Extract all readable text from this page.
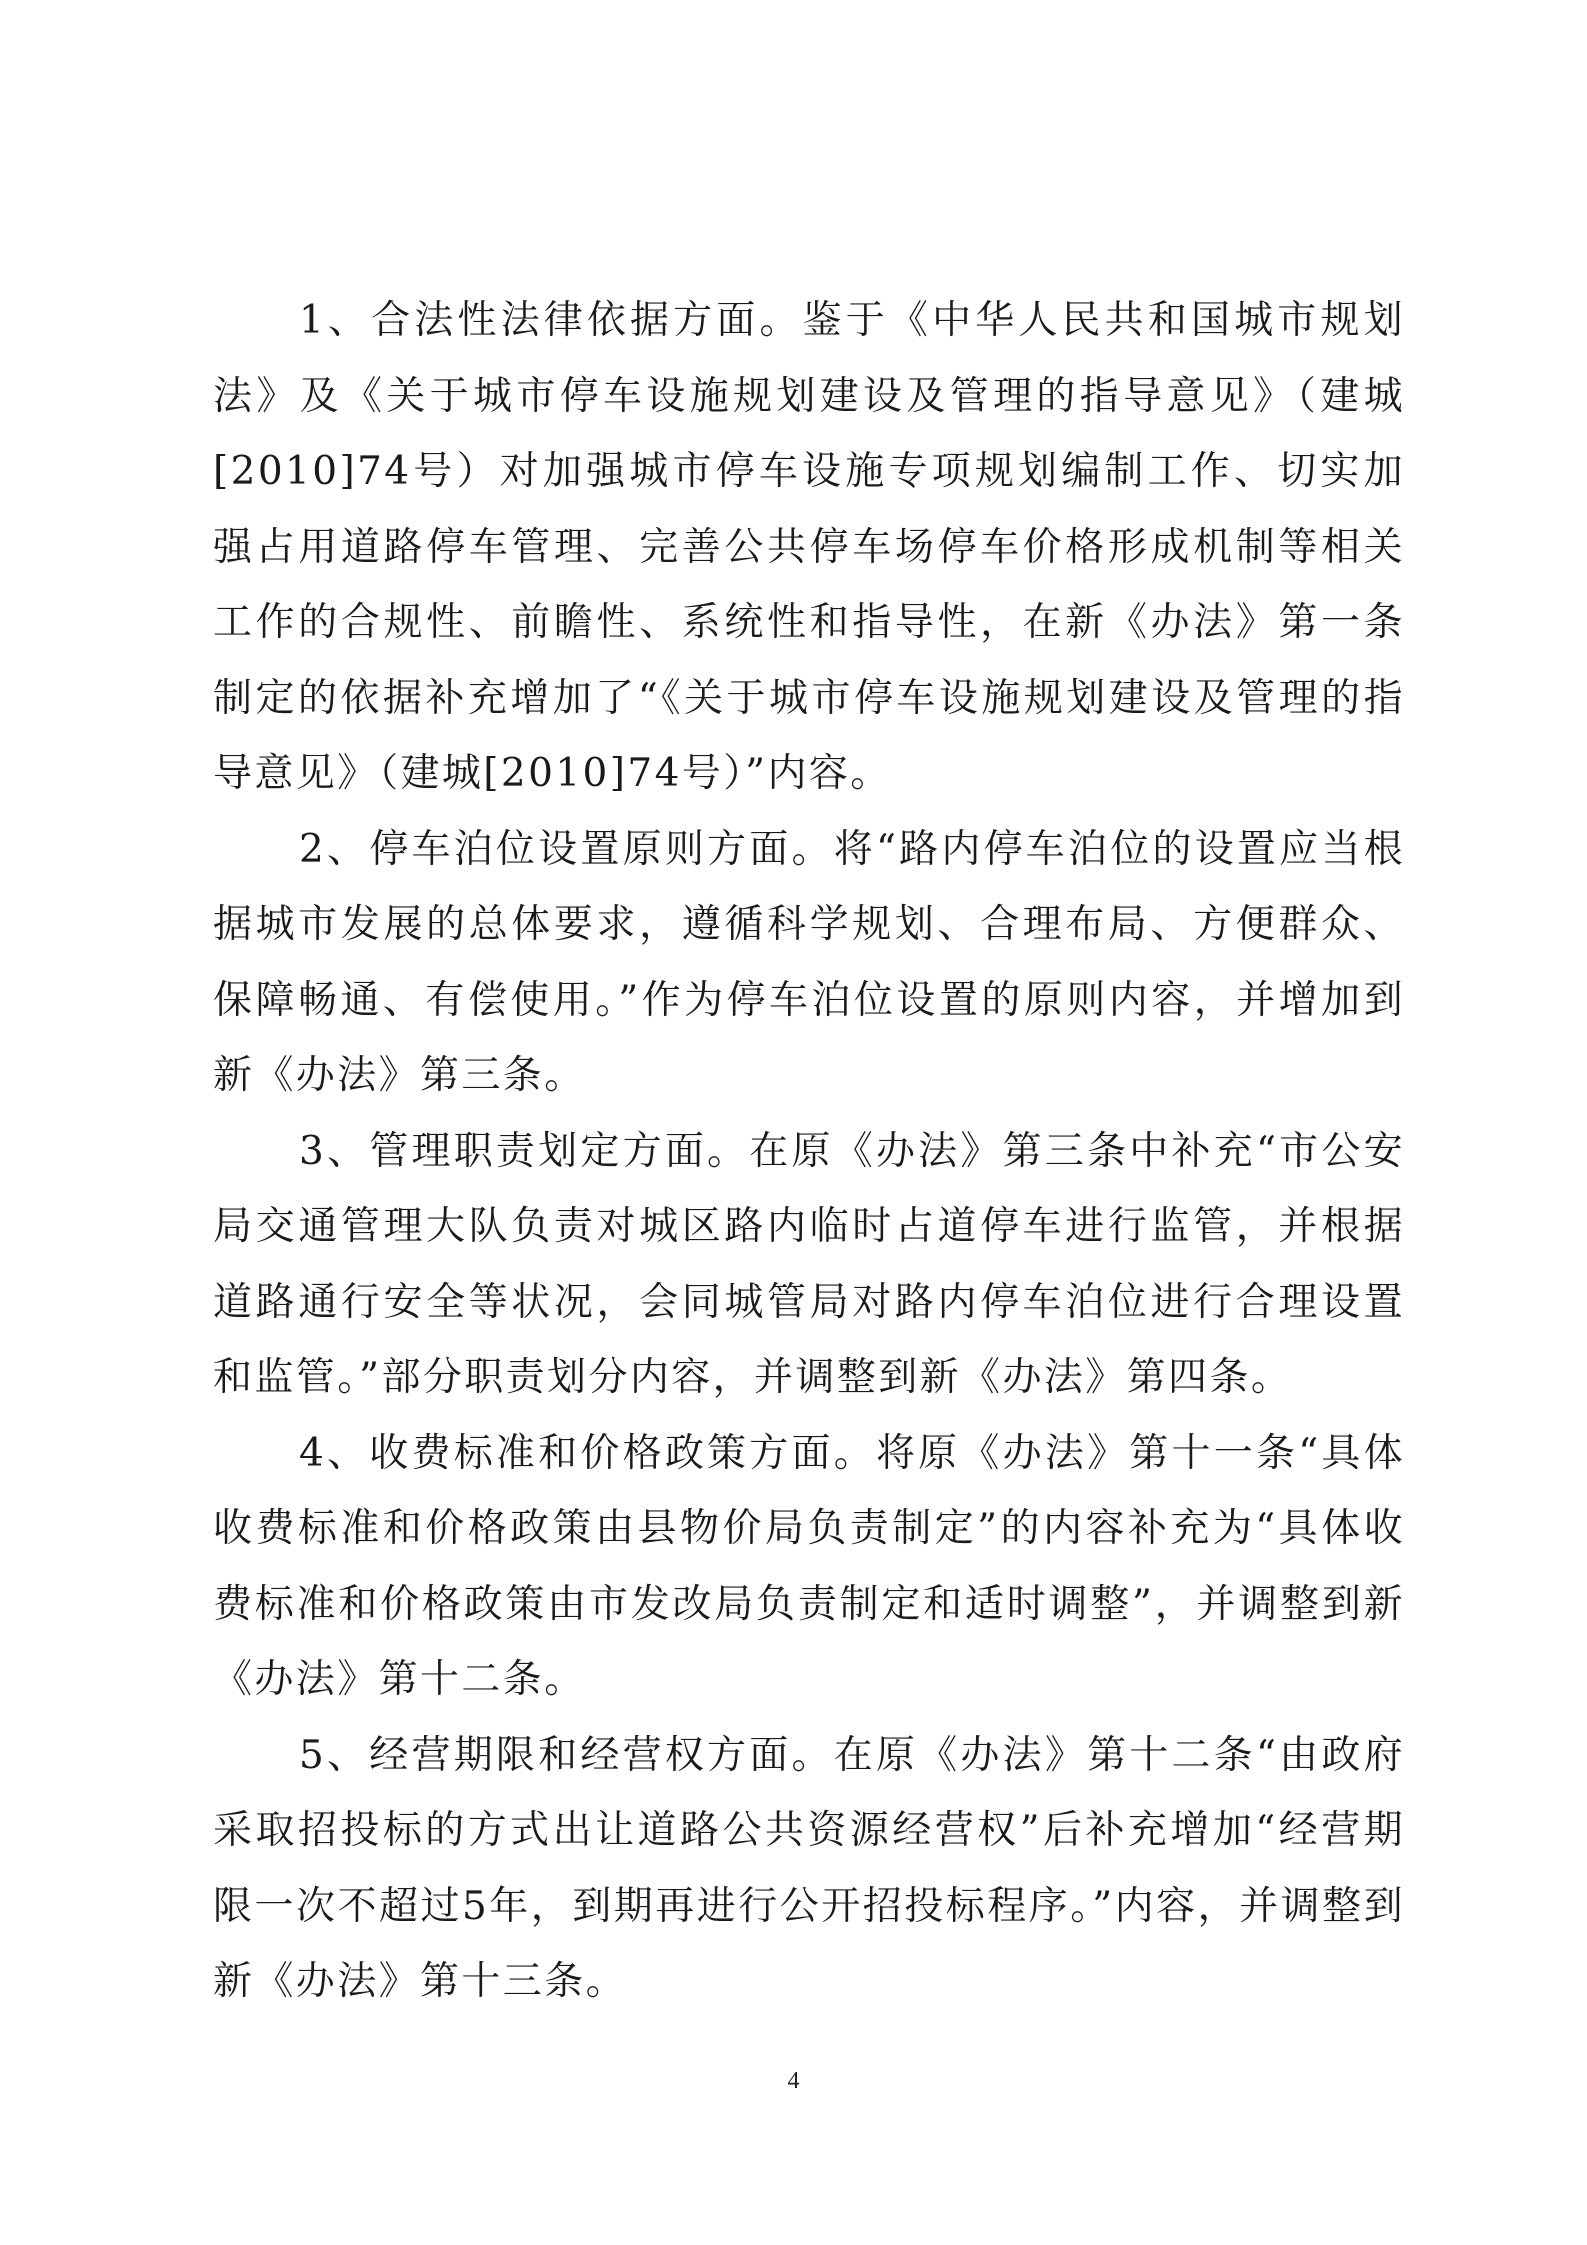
1、合法性法律依据方面。鉴于《中华人民共和国城市规划法》及《关于城市停车设施规划建设及管理的指导意见》（建城[2010]74号）对加强城市停车设施专项规划编制工作、切实加强占用道路停车管理、完善公共停车场停车价格形成机制等相关工作的合规性、前瞻性、系统性和指导性，在新《办法》第一条制定的依据补充增加了“《关于城市停车设施规划建设及管理的指导意见》（建城[2010]74号）”内容。

2、停车泊位设置原则方面。将“路内停车泊位的设置应当根据城市发展的总体要求，遵循科学规划、合理布局、方便群众、保障畅通、有偿使用。”作为停车泊位设置的原则内容，并增加到新《办法》第三条。

3、管理职责划定方面。在原《办法》第三条中补充“市公安局交通管理大队负责对城区路内临时占道停车进行监管，并根据道路通行安全等状况，会同城管局对路内停车泊位进行合理设置和监管。”部分职责划分内容，并调整到新《办法》第四条。

4、收费标准和价格政策方面。将原《办法》第十一条“具体收费标准和价格政策由县物价局负责制定”的内容补充为“具体收费标准和价格政策由市发改局负责制定和适时调整”，并调整到新《办法》第十二条。

5、经营期限和经营权方面。在原《办法》第十二条“由政府采取招投标的方式出让道路公共资源经营权”后补充增加“经营期限一次不超过5年，到期再进行公开招投标程序。”内容，并调整到新《办法》第十三条。

4
